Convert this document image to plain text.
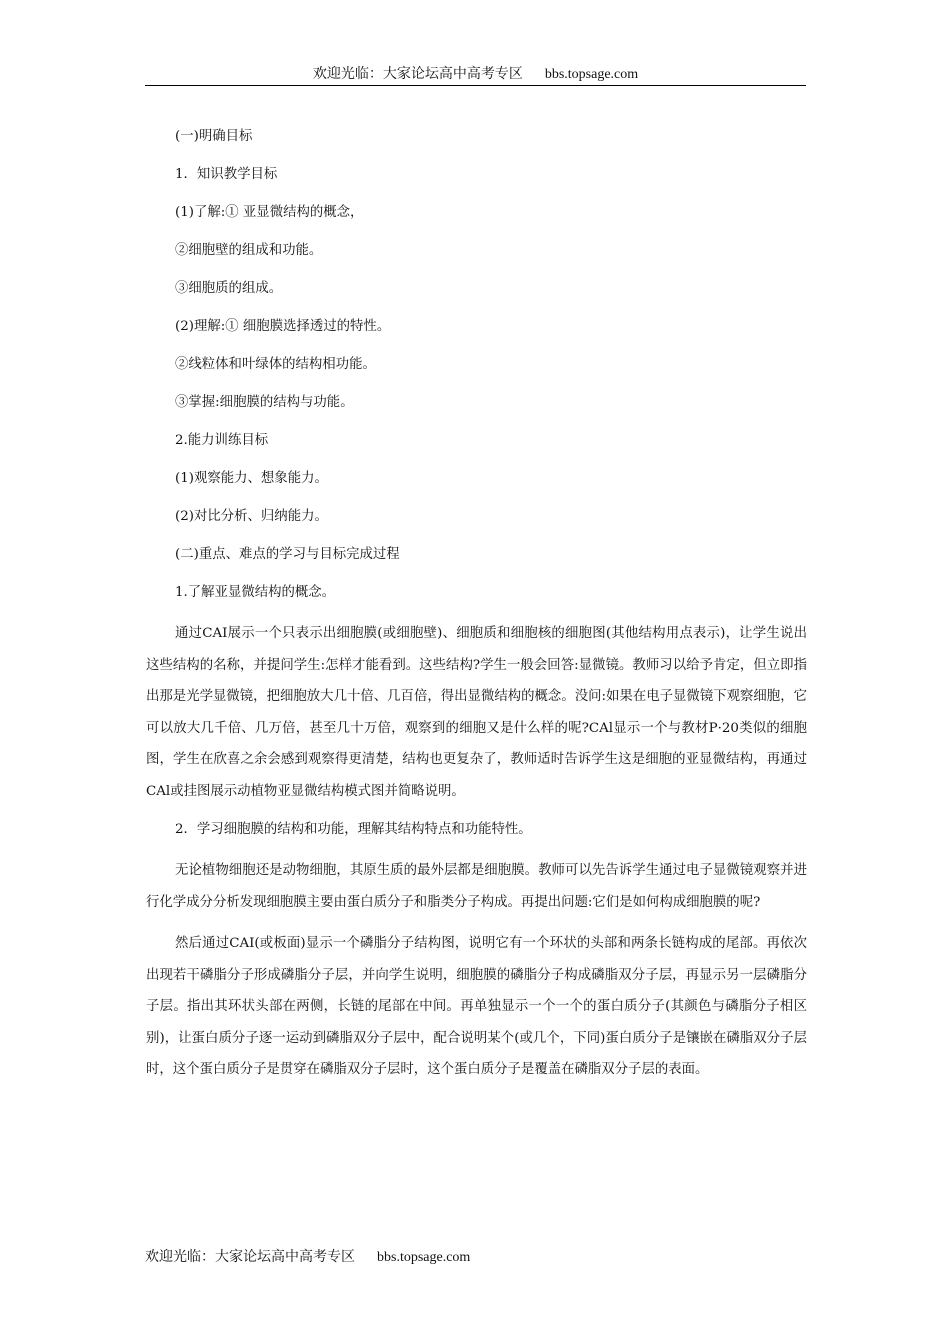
欢迎光临：大家论坛高中高考专区 bbs.topsage.com
(一)明确目标
1．知识教学目标
(1)了解:① 亚显微结构的概念，
②细胞壁的组成和功能。
③细胞质的组成。
(2)理解:① 细胞膜选择透过的特性。
②线粒体和叶绿体的结构相功能。
③掌握:细胞膜的结构与功能。
2.能力训练目标
(1)观察能力、想象能力。
(2)对比分析、归纳能力。
(二)重点、难点的学习与目标完成过程
1.了解亚显微结构的概念。

通过CAI展示一个只表示出细胞膜(或细胞壁)、细胞质和细胞核的细胞图(其他结构用点表示)，让学生说出这些结构的名称，并提问学生:怎样才能看到。这些结构?学生一般会回答:显微镜。教师习以给予肯定，但立即指出那是光学显微镜，把细胞放大几十倍、几百倍，得出显微结构的概念。没问:如果在电子显微镜下观察细胞，它可以放大几千倍、几万倍，甚至几十万倍，观察到的细胞又是什么样的呢?CAl显示一个与教材P·20类似的细胞图，学生在欣喜之余会感到观察得更清楚，结构也更复杂了，教师适时告诉学生这是细胞的亚显微结构，再通过CAl或挂图展示动植物亚显微结构模式图并简略说明。

2．学习细胞膜的结构和功能，理解其结构特点和功能特性。

无论植物细胞还是动物细胞，其原生质的最外层都是细胞膜。教师可以先告诉学生通过电子显微镜观察并进行化学成分分析发现细胞膜主要由蛋白质分子和脂类分子构成。再提出问题:它们是如何构成细胞膜的呢?

然后通过CAI(或板面)显示一个磷脂分子结构图，说明它有一个环状的头部和两条长链构成的尾部。再依次出现若干磷脂分子形成磷脂分子层，并向学生说明，细胞膜的磷脂分子构成磷脂双分子层，再显示另一层磷脂分子层。指出其环状头部在两侧，长链的尾部在中间。再单独显示一个一个的蛋白质分子(其颜色与磷脂分子相区别)，让蛋白质分子逐一运动到磷脂双分子层中，配合说明某个(或几个，下同)蛋白质分子是镶嵌在磷脂双分子层时，这个蛋白质分子是贯穿在磷脂双分子层时，这个蛋白质分子是覆盖在磷脂双分子层的表面。

欢迎光临：大家论坛高中高考专区 bbs.topsage.com
